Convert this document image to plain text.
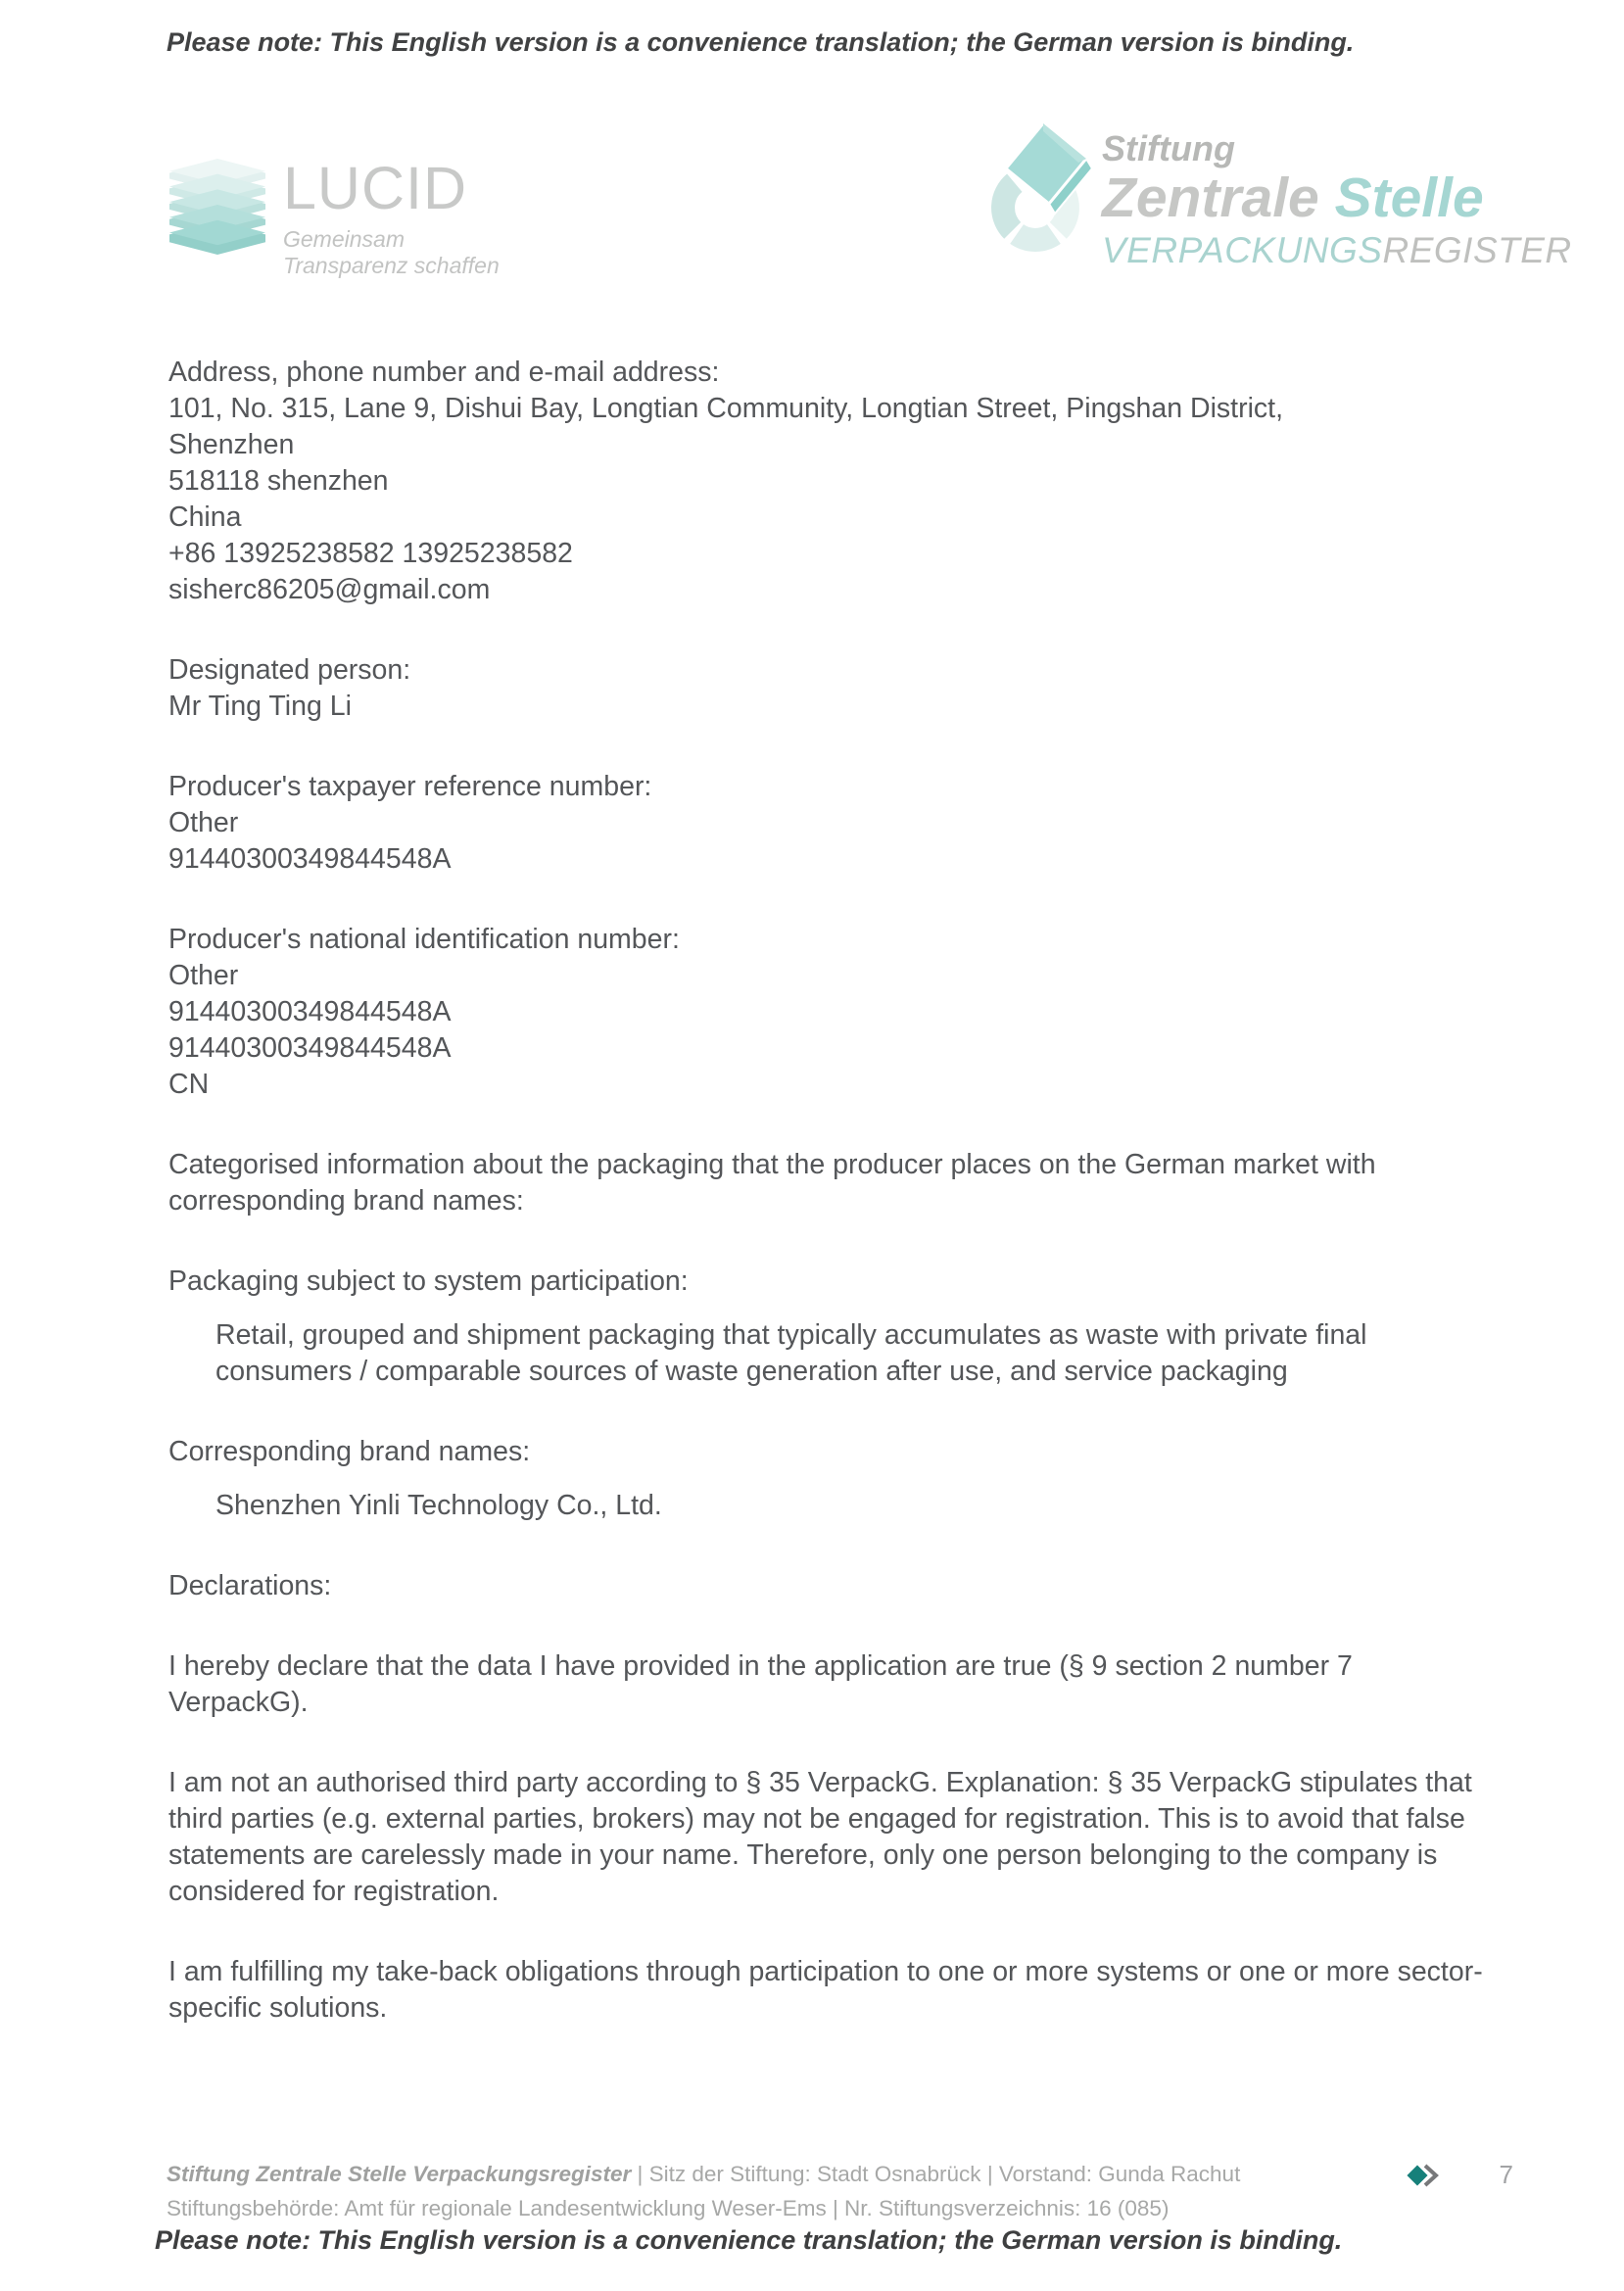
Please note: This English version is a convenience translation; the German version is binding.
LUCID
Gemeinsam
Transparenz schaffen
Stiftung
Zentrale Stelle
VERPACKUNGSREGISTER
Address, phone number and e-mail address:
101, No. 315, Lane 9, Dishui Bay, Longtian Community, Longtian Street, Pingshan District,
Shenzhen
518118 shenzhen
China
+86 13925238582 13925238582
sisherc86205@gmail.com
Designated person:
Mr Ting Ting Li
Producer's taxpayer reference number:
Other
91440300349844548A
Producer's national identification number:
Other
91440300349844548A
91440300349844548A
CN
Categorised information about the packaging that the producer places on the German market with corresponding brand names:
Packaging subject to system participation:
Retail, grouped and shipment packaging that typically accumulates as waste with private final consumers / comparable sources of waste generation after use, and service packaging
Corresponding brand names:
Shenzhen Yinli Technology Co., Ltd.
Declarations:
I hereby declare that the data I have provided in the application are true (§ 9 section 2 number 7 VerpackG).
I am not an authorised third party according to § 35 VerpackG. Explanation: § 35 VerpackG stipulates that third parties (e.g. external parties, brokers) may not be engaged for registration. This is to avoid that false statements are carelessly made in your name. Therefore, only one person belonging to the company is considered for registration.
I am fulfilling my take-back obligations through participation to one or more systems or one or more sector-specific solutions.
Stiftung Zentrale Stelle Verpackungsregister | Sitz der Stiftung: Stadt Osnabrück | Vorstand: Gunda Rachut
Stiftungsbehörde: Amt für regionale Landesentwicklung Weser-Ems | Nr. Stiftungsverzeichnis: 16 (085)
7
Please note: This English version is a convenience translation; the German version is binding.
